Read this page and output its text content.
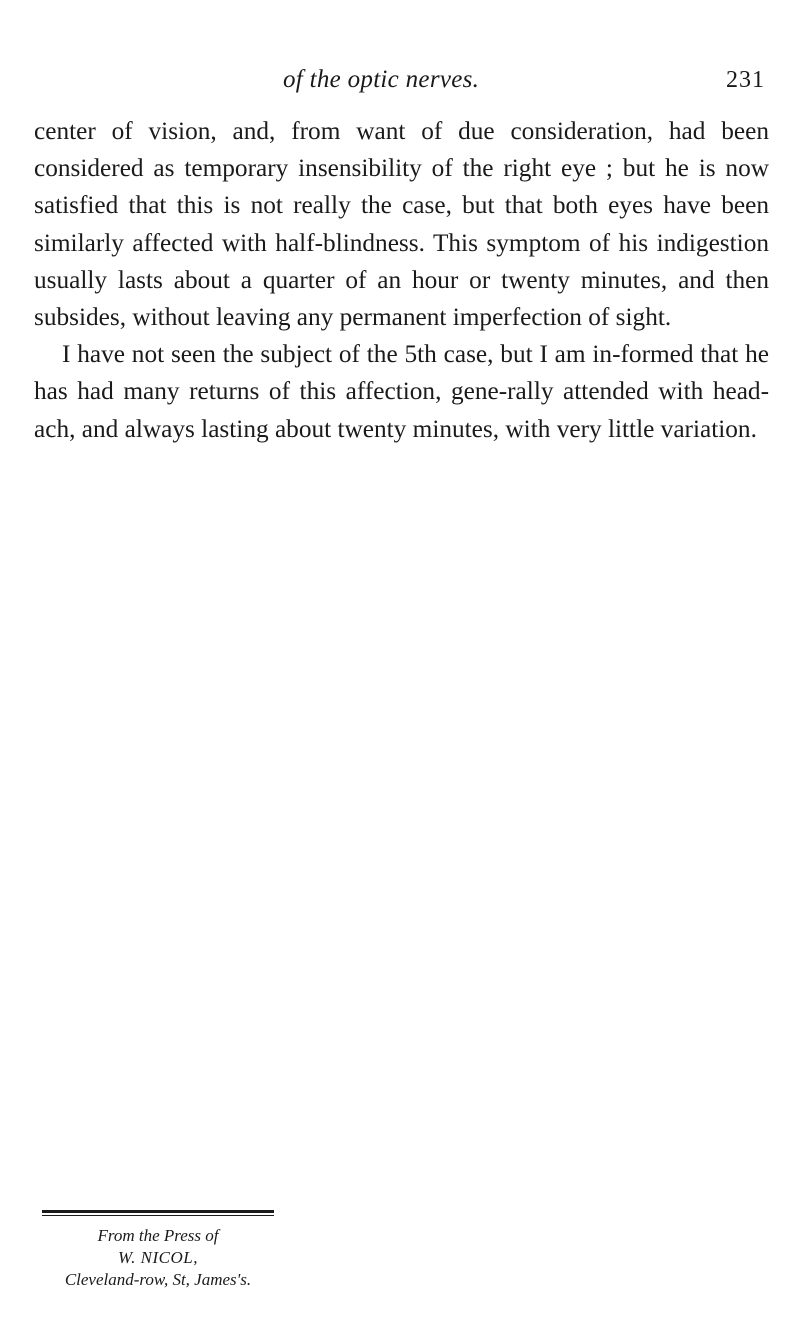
of the optic nerves.	231

center of vision, and, from want of due consideration, had been considered as temporary insensibility of the right eye ; but he is now satisfied that this is not really the case, but that both eyes have been similarly affected with half-blindness. This symptom of his indigestion usually lasts about a quarter of an hour or twenty minutes, and then subsides, without leaving any permanent imperfection of sight.

I have not seen the subject of the 5th case, but I am in-formed that he has had many returns of this affection, gene-rally attended with head-ach, and always lasting about twenty minutes, with very little variation.

From the Press of
W. NICOL,
Cleveland-row, St, James's.
